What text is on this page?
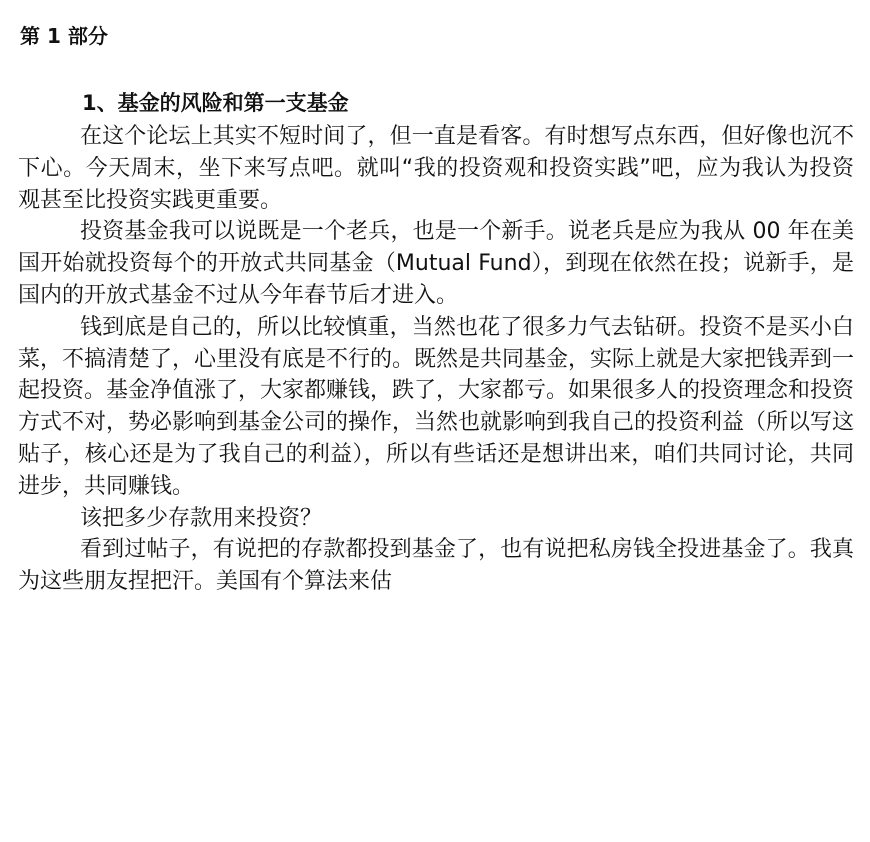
第 1 部分
1、基金的风险和第一支基金

在这个论坛上其实不短时间了，但一直是看客。有时想写点东西，但好像也沉不下心。今天周末，坐下来写点吧。就叫“我的投资观和投资实践”吧，应为我认为投资观甚至比投资实践更重要。

投资基金我可以说既是一个老兵，也是一个新手。说老兵是应为我从 00 年在美国开始就投资每个的开放式共同基金（Mutual Fund），到现在依然在投；说新手，是国内的开放式基金不过从今年春节后才进入。

钱到底是自己的，所以比较慎重，当然也花了很多力气去钻研。投资不是买小白菜，不搞清楚了，心里没有底是不行的。既然是共同基金，实际上就是大家把钱弄到一起投资。基金净值涨了，大家都赚钱，跌了，大家都亏。如果很多人的投资理念和投资方式不对，势必影响到基金公司的操作，当然也就影响到我自己的投资利益（所以写这贴子，核心还是为了我自己的利益），所以有些话还是想讲出来，咱们共同讨论，共同进步，共同赚钱。

该把多少存款用来投资？

看到过帖子，有说把的存款都投到基金了，也有说把私房钱全投进基金了。我真为这些朋友捏把汗。美国有个算法来估
